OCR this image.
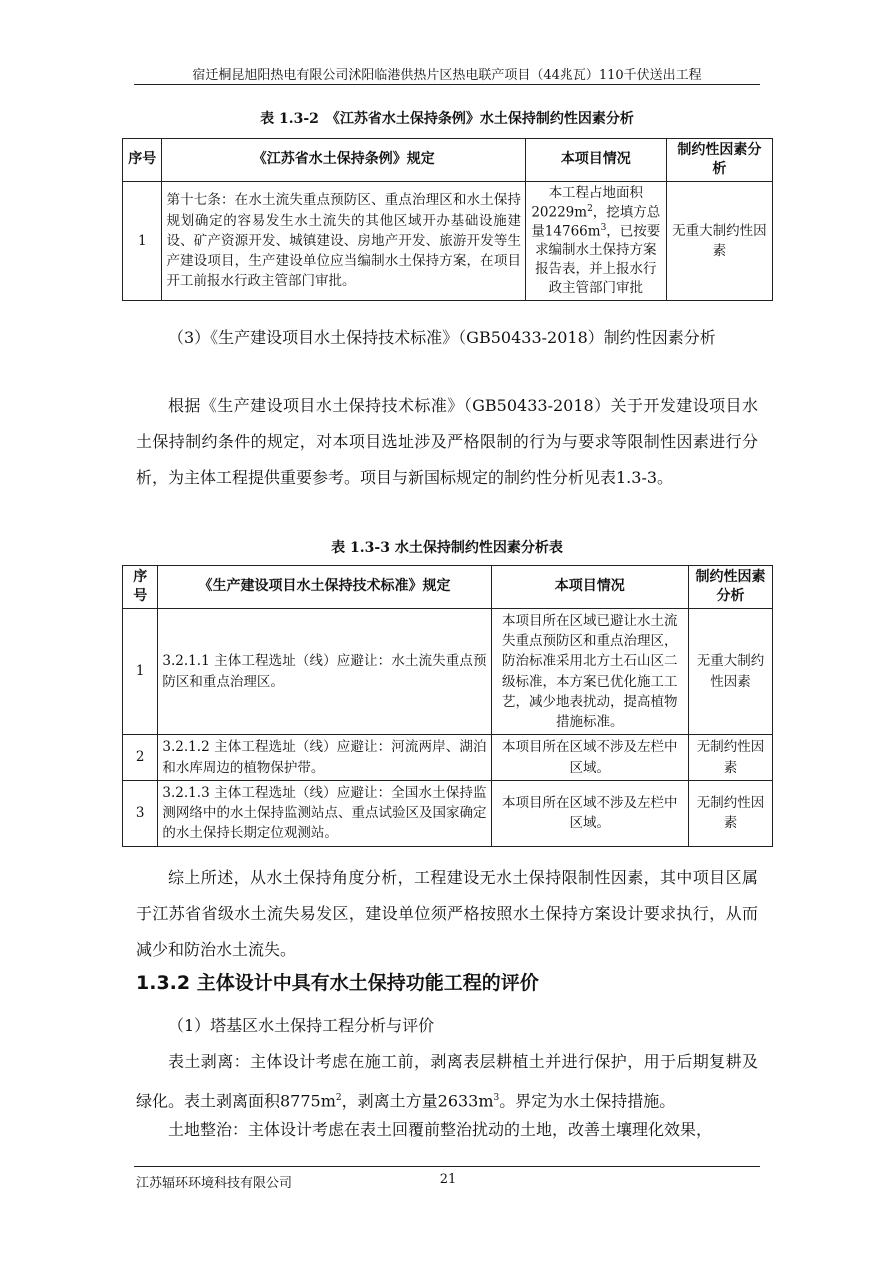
宿迁桐昆旭阳热电有限公司沭阳临港供热片区热电联产项目（44兆瓦）110千伏送出工程
表 1.3-2　《江苏省水土保持条例》水土保持制约性因素分析
序号	《江苏省水土保持条例》规定	本项目情况	制约性因素分析
1	第十七条：在水土流失重点预防区、重点治理区和水土保持规划确定的容易发生水土流失的其他区域开办基础设施建设、矿产资源开发、城镇建设、房地产开发、旅游开发等生产建设项目，生产建设单位应当编制水土保持方案，在项目开工前报水行政主管部门审批。	本工程占地面积$20229m^2$，挖填方总量$14766m^3$，已按要求编制水土保持方案报告表，并上报水行政主管部门审批	无重大制约性因素
（3）《生产建设项目水土保持技术标准》（GB50433-2018）制约性因素分析
根据《生产建设项目水土保持技术标准》（GB50433-2018）关于开发建设项目水土保持制约条件的规定，对本项目选址涉及严格限制的行为与要求等限制性因素进行分析，为主体工程提供重要参考。项目与新国标规定的制约性分析见表1.3-3。
表 1.3-3 水土保持制约性因素分析表
序号	《生产建设项目水土保持技术标准》规定	本项目情况	制约性因素分析
1	3.2.1.1 主体工程选址（线）应避让：水土流失重点预防区和重点治理区。	本项目所在区域已避让水土流失重点预防区和重点治理区，防治标准采用北方土石山区二级标准，本方案已优化施工工艺，减少地表扰动，提高植物措施标准。	无重大制约性因素
2	3.2.1.2 主体工程选址（线）应避让：河流两岸、湖泊和水库周边的植物保护带。	本项目所在区域不涉及左栏中区域。	无制约性因素
3	3.2.1.3 主体工程选址（线）应避让：全国水土保持监测网络中的水土保持监测站点、重点试验区及国家确定的水土保持长期定位观测站。	本项目所在区域不涉及左栏中区域。	无制约性因素
综上所述，从水土保持角度分析，工程建设无水土保持限制性因素，其中项目区属于江苏省省级水土流失易发区，建设单位须严格按照水土保持方案设计要求执行，从而减少和防治水土流失。
1.3.2 主体设计中具有水土保持功能工程的评价
（1）塔基区水土保持工程分析与评价
表土剥离：主体设计考虑在施工前，剥离表层耕植土并进行保护，用于后期复耕及绿化。表土剥离面积$8775m^2$，剥离土方量$2633m^3$。界定为水土保持措施。
土地整治：主体设计考虑在表土回覆前整治扰动的土地，改善土壤理化效果，
江苏辐环环境科技有限公司	21
